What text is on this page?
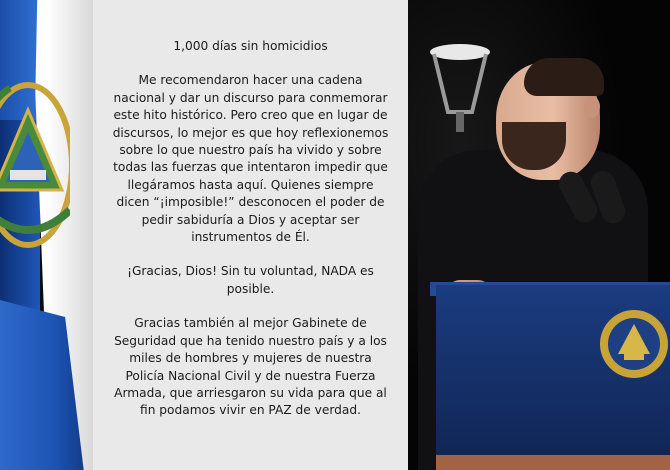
1,000 días sin homicidios

Me recomendaron hacer una cadena nacional y dar un discurso para conmemorar este hito histórico. Pero creo que en lugar de discursos, lo mejor es que hoy reflexionemos sobre lo que nuestro país ha vivido y sobre todas las fuerzas que intentaron impedir que llegáramos hasta aquí. Quienes siempre dicen “¡imposible!” desconocen el poder de pedir sabiduría a Dios y aceptar ser instrumentos de Él.

¡Gracias, Dios! Sin tu voluntad, NADA es posible.

Gracias también al mejor Gabinete de Seguridad que ha tenido nuestro país y a los miles de hombres y mujeres de nuestra Policía Nacional Civil y de nuestra Fuerza Armada, que arriesgaron su vida para que al fin podamos vivir en PAZ de verdad.
